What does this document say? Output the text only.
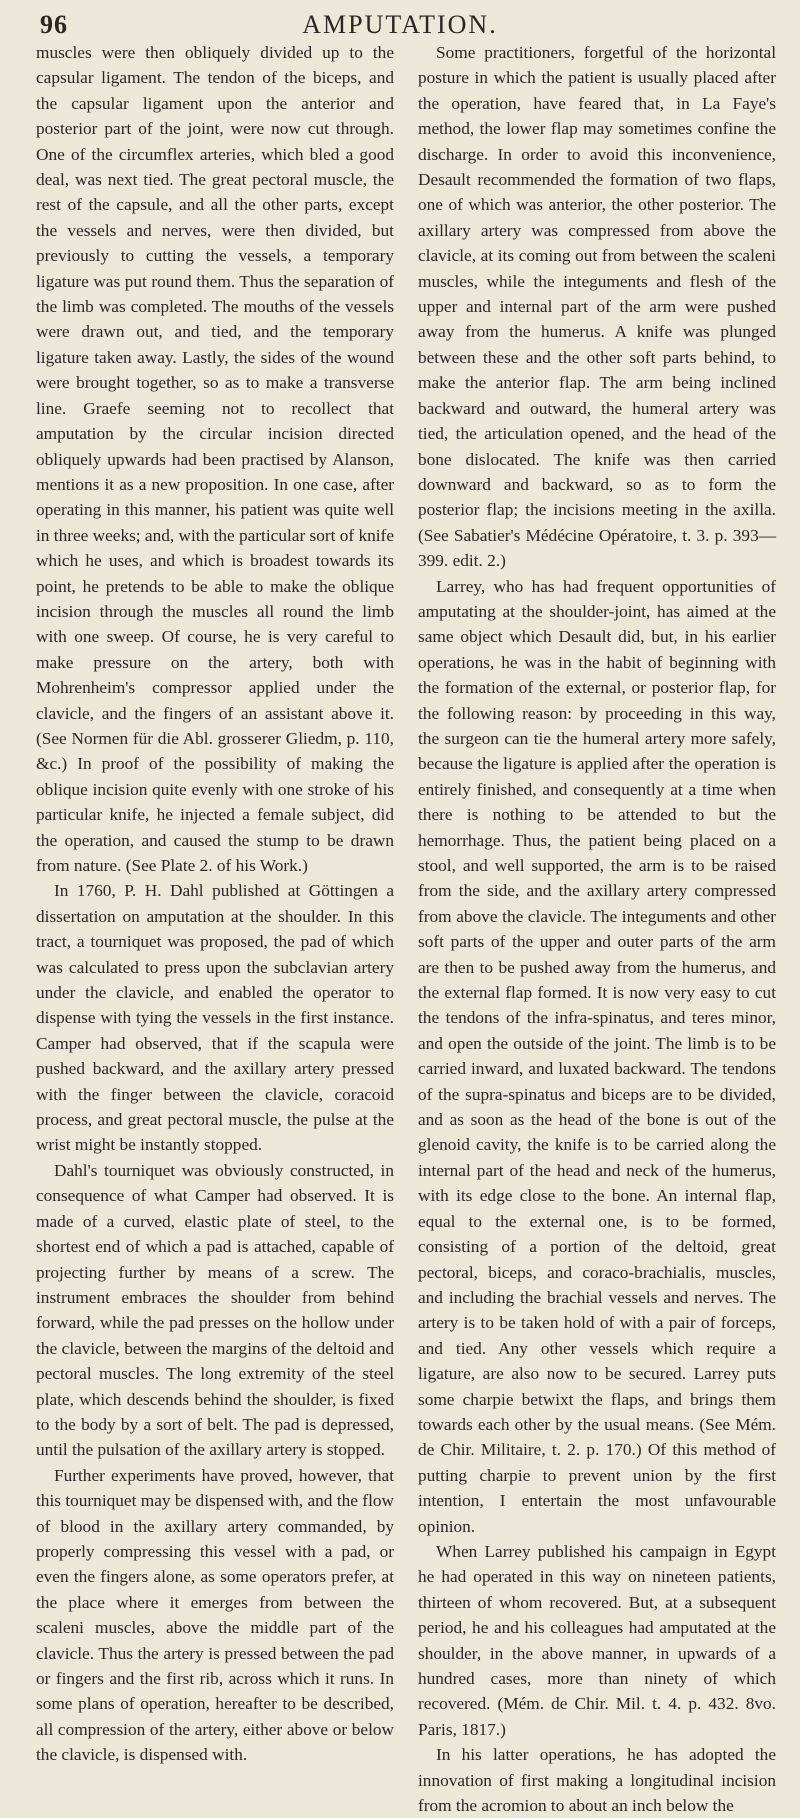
96	AMPUTATION.

muscles were then obliquely divided up to the capsular ligament. The tendon of the biceps, and the capsular ligament upon the anterior and posterior part of the joint, were now cut through. One of the circumflex arteries, which bled a good deal, was next tied. The great pectoral muscle, the rest of the capsule, and all the other parts, except the vessels and nerves, were then divided, but previously to cutting the vessels, a temporary ligature was put round them. Thus the separation of the limb was completed. The mouths of the vessels were drawn out, and tied, and the temporary ligature taken away. Lastly, the sides of the wound were brought together, so as to make a transverse line. Graefe seeming not to recollect that amputation by the circular incision directed obliquely upwards had been practised by Alanson, mentions it as a new proposition. In one case, after operating in this manner, his patient was quite well in three weeks; and, with the particular sort of knife which he uses, and which is broadest towards its point, he pretends to be able to make the oblique incision through the muscles all round the limb with one sweep. Of course, he is very careful to make pressure on the artery, both with Mohrenheim's compressor applied under the clavicle, and the fingers of an assistant above it. (See Normen für die Abl. grosserer Gliedm, p. 110, &c.) In proof of the possibility of making the oblique incision quite evenly with one stroke of his particular knife, he injected a female subject, did the operation, and caused the stump to be drawn from nature. (See Plate 2. of his Work.)

In 1760, P. H. Dahl published at Göttingen a dissertation on amputation at the shoulder. In this tract, a tourniquet was proposed, the pad of which was calculated to press upon the subclavian artery under the clavicle, and enabled the operator to dispense with tying the vessels in the first instance. Camper had observed, that if the scapula were pushed backward, and the axillary artery pressed with the finger between the clavicle, coracoid process, and great pectoral muscle, the pulse at the wrist might be instantly stopped.

Dahl's tourniquet was obviously constructed, in consequence of what Camper had observed. It is made of a curved, elastic plate of steel, to the shortest end of which a pad is attached, capable of projecting further by means of a screw. The instrument embraces the shoulder from behind forward, while the pad presses on the hollow under the clavicle, between the margins of the deltoid and pectoral muscles. The long extremity of the steel plate, which descends behind the shoulder, is fixed to the body by a sort of belt. The pad is depressed, until the pulsation of the axillary artery is stopped.

Further experiments have proved, however, that this tourniquet may be dispensed with, and the flow of blood in the axillary artery commanded, by properly compressing this vessel with a pad, or even the fingers alone, as some operators prefer, at the place where it emerges from between the scaleni muscles, above the middle part of the clavicle. Thus the artery is pressed between the pad or fingers and the first rib, across which it runs. In some plans of operation, hereafter to be described, all compression of the artery, either above or below the clavicle, is dispensed with.

Some practitioners, forgetful of the horizontal posture in which the patient is usually placed after the operation, have feared that, in La Faye's method, the lower flap may sometimes confine the discharge. In order to avoid this inconvenience, Desault recommended the formation of two flaps, one of which was anterior, the other posterior. The axillary artery was compressed from above the clavicle, at its coming out from between the scaleni muscles, while the integuments and flesh of the upper and internal part of the arm were pushed away from the humerus. A knife was plunged between these and the other soft parts behind, to make the anterior flap. The arm being inclined backward and outward, the humeral artery was tied, the articulation opened, and the head of the bone dislocated. The knife was then carried downward and backward, so as to form the posterior flap; the incisions meeting in the axilla. (See Sabatier's Médécine Opératoire, t. 3. p. 393—399. edit. 2.)

Larrey, who has had frequent opportunities of amputating at the shoulder-joint, has aimed at the same object which Desault did, but, in his earlier operations, he was in the habit of beginning with the formation of the external, or posterior flap, for the following reason: by proceeding in this way, the surgeon can tie the humeral artery more safely, because the ligature is applied after the operation is entirely finished, and consequently at a time when there is nothing to be attended to but the hemorrhage. Thus, the patient being placed on a stool, and well supported, the arm is to be raised from the side, and the axillary artery compressed from above the clavicle. The integuments and other soft parts of the upper and outer parts of the arm are then to be pushed away from the humerus, and the external flap formed. It is now very easy to cut the tendons of the infra-spinatus, and teres minor, and open the outside of the joint. The limb is to be carried inward, and luxated backward. The tendons of the supra-spinatus and biceps are to be divided, and as soon as the head of the bone is out of the glenoid cavity, the knife is to be carried along the internal part of the head and neck of the humerus, with its edge close to the bone. An internal flap, equal to the external one, is to be formed, consisting of a portion of the deltoid, great pectoral, biceps, and coraco-brachialis, muscles, and including the brachial vessels and nerves. The artery is to be taken hold of with a pair of forceps, and tied. Any other vessels which require a ligature, are also now to be secured. Larrey puts some charpie betwixt the flaps, and brings them towards each other by the usual means. (See Mém. de Chir. Militaire, t. 2. p. 170.) Of this method of putting charpie to prevent union by the first intention, I entertain the most unfavourable opinion.

When Larrey published his campaign in Egypt he had operated in this way on nineteen patients, thirteen of whom recovered. But, at a subsequent period, he and his colleagues had amputated at the shoulder, in the above manner, in upwards of a hundred cases, more than ninety of which recovered. (Mém. de Chir. Mil. t. 4. p. 432. 8vo. Paris, 1817.)

In his latter operations, he has adopted the innovation of first making a longitudinal incision from the acromion to about an inch below the
